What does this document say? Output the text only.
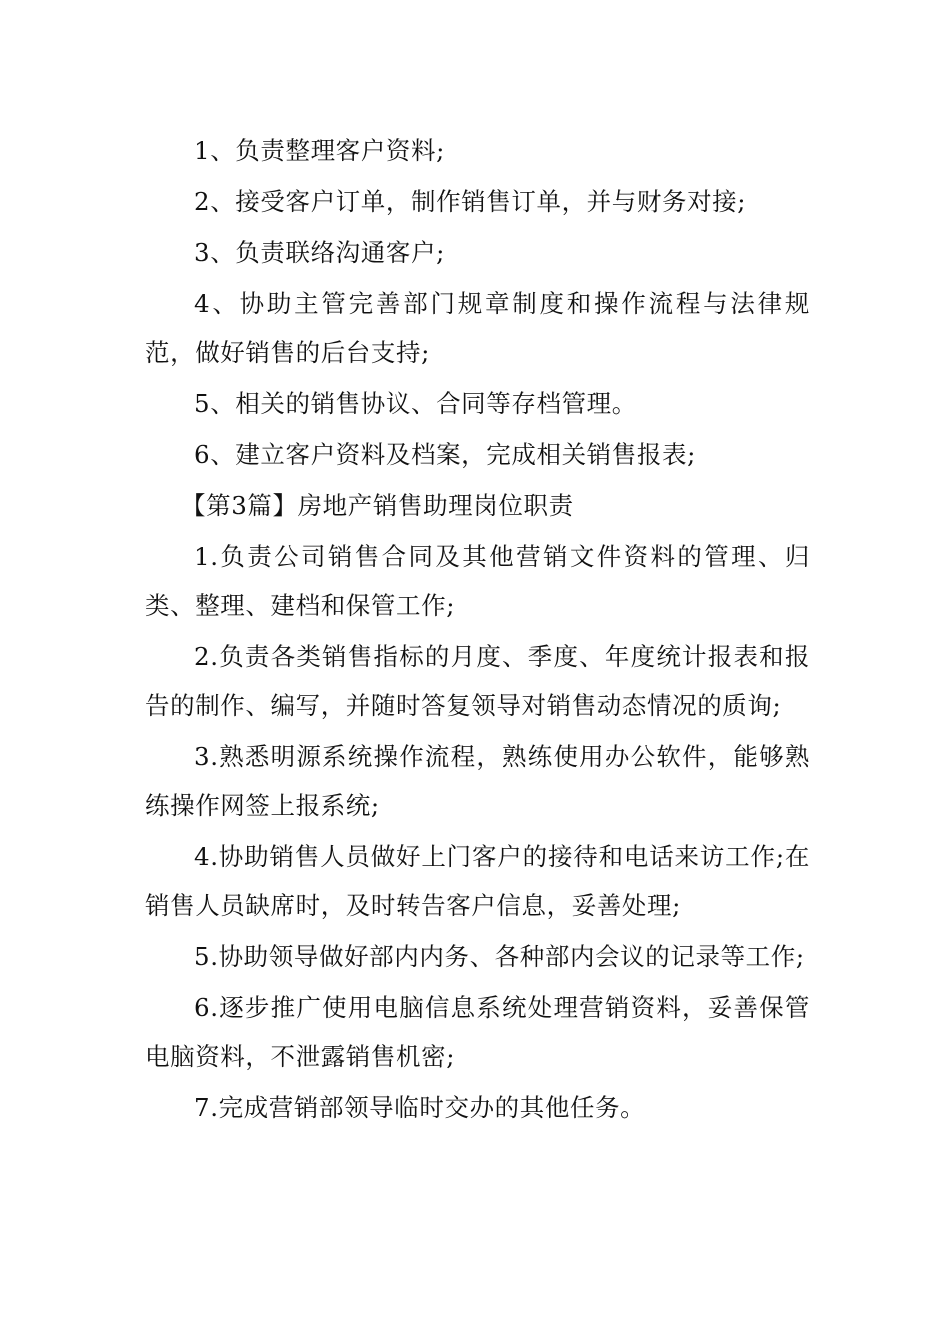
1、负责整理客户资料;

2、接受客户订单，制作销售订单，并与财务对接;

3、负责联络沟通客户;

4、协助主管完善部门规章制度和操作流程与法律规范，做好销售的后台支持;

5、相关的销售协议、合同等存档管理。

6、建立客户资料及档案，完成相关销售报表;

【第3篇】房地产销售助理岗位职责

1.负责公司销售合同及其他营销文件资料的管理、归类、整理、建档和保管工作;

2.负责各类销售指标的月度、季度、年度统计报表和报告的制作、编写，并随时答复领导对销售动态情况的质询;

3.熟悉明源系统操作流程，熟练使用办公软件，能够熟练操作网签上报系统;

4.协助销售人员做好上门客户的接待和电话来访工作;在销售人员缺席时，及时转告客户信息，妥善处理;

5.协助领导做好部内内务、各种部内会议的记录等工作;

6.逐步推广使用电脑信息系统处理营销资料，妥善保管电脑资料，不泄露销售机密;

7.完成营销部领导临时交办的其他任务。
